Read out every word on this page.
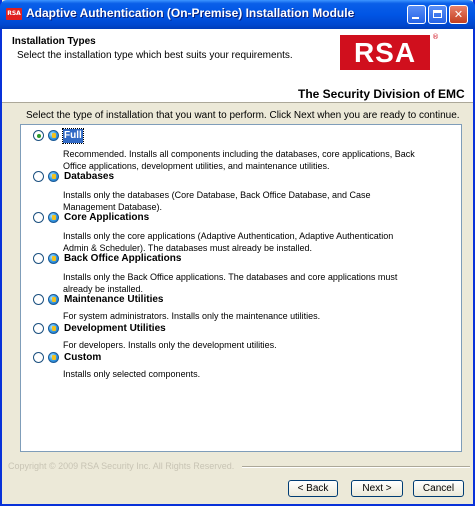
RSA Adaptive Authentication (On-Premise) Installation Module	✕
Installation Types
Select the installation type which best suits your requirements.	RSA	®
The Security Division of EMC
Select the type of installation that you want to perform. Click Next when you are ready to continue.
Full
Recommended. Installs all components including the databases, core applications, Back
Office applications, development utilities, and maintenance utilities.
Databases
Installs only the databases (Core Database, Back Office Database, and Case
Management Database).
Core Applications
Installs only the core applications (Adaptive Authentication, Adaptive Authentication
Admin & Scheduler). The databases must already be installed.
Back Office Applications
Installs only the Back Office applications. The databases and core applications must
already be installed.
Maintenance Utilities
For system administrators. Installs only the maintenance utilities.
Development Utilities
For developers. Installs only the development utilities.
Custom
Installs only selected components.
Copyright © 2009 RSA Security Inc. All Rights Reserved.
< Back	Next >	Cancel
